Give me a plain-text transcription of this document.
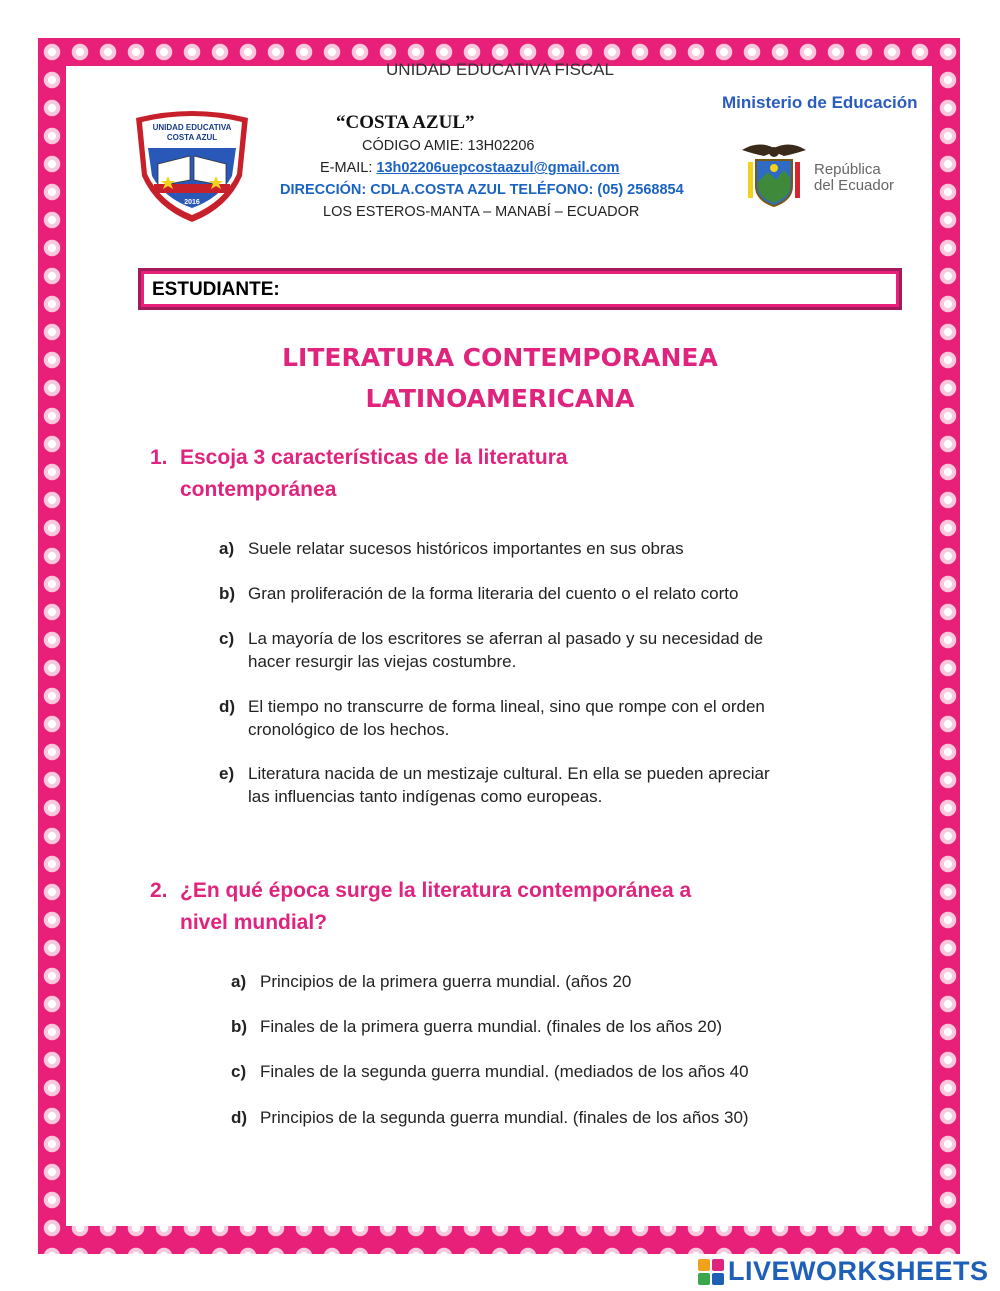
UNIDAD EDUCATIVA FISCAL
UNIDAD EDUCATIVA
COSTA AZUL
2016
“COSTA AZUL”
CÓDIGO AMIE: 13H02206
E-MAIL: 13h02206uepcostaazul@gmail.com
DIRECCIÓN: CDLA.COSTA AZUL TELÉFONO: (05) 2568854
LOS ESTEROS-MANTA – MANABÍ – ECUADOR
Ministerio de Educación
República
del Ecuador
ESTUDIANTE:
LITERATURA CONTEMPORANEA
LATINOAMERICANA
1. Escoja 3 características de la literatura
contemporánea
a) Suele relatar sucesos históricos importantes en sus obras
b) Gran proliferación de la forma literaria del cuento o el relato corto
c) La mayoría de los escritores se aferran al pasado y su necesidad de
hacer resurgir las viejas costumbre.
d) El tiempo no transcurre de forma lineal, sino que rompe con el orden
cronológico de los hechos.
e) Literatura nacida de un mestizaje cultural. En ella se pueden apreciar
las influencias tanto indígenas como europeas.
2. ¿En qué época surge la literatura contemporánea a
nivel mundial?
a) Principios de la primera guerra mundial. (años 20
b) Finales de la primera guerra mundial. (finales de los años 20)
c) Finales de la segunda guerra mundial. (mediados de los años 40
d) Principios de la segunda guerra mundial. (finales de los años 30)
LIVEWORKSHEETS
